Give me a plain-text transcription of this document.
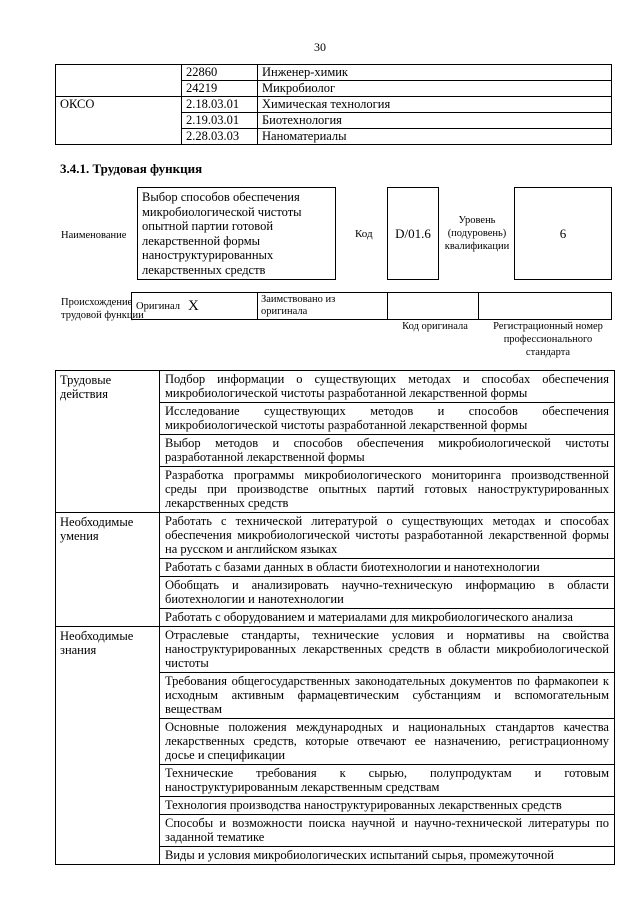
30
	22860	Инженер-химик
	24219	Микробиолог
ОКСО	2.18.03.01	Химическая технология
	2.19.03.01	Биотехнология
	2.28.03.03	Наноматериалы
3.4.1. Трудовая функция
Наименование
Выбор способов обеспечения микробиологической чистоты опытной партии готовой лекарственной формы наноструктурированных лекарственных средств
Код	D/01.6
Уровень (подуровень) квалификации
6
Происхождение трудовой функции
Оригинал X	Заимствовано из оригинала
Код оригинала	Регистрационный номер профессионального стандарта
Трудовые действия	Подбор информации о существующих методах и способах обеспечения микробиологической чистоты разработанной лекарственной формы
	Исследование существующих методов и способов обеспечения микробиологической чистоты разработанной лекарственной формы
	Выбор методов и способов обеспечения микробиологической чистоты разработанной лекарственной формы
	Разработка программы микробиологического мониторинга производственной среды при производстве опытных партий готовых наноструктурированных лекарственных средств
Необходимые умения	Работать с технической литературой о существующих методах и способах обеспечения микробиологической чистоты разработанной лекарственной формы на русском и английском языках
	Работать с базами данных в области биотехнологии и нанотехнологии
	Обобщать и анализировать научно-техническую информацию в области биотехнологии и нанотехнологии
	Работать с оборудованием и материалами для микробиологического анализа
Необходимые знания	Отраслевые стандарты, технические условия и нормативы на свойства наноструктурированных лекарственных средств в области микробиологической чистоты
	Требования общегосударственных законодательных документов по фармакопеи к исходным активным фармацевтическим субстанциям и вспомогательным веществам
	Основные положения международных и национальных стандартов качества лекарственных средств, которые отвечают ее назначению, регистрационному досье и спецификации
	Технические требования к сырью, полупродуктам и готовым наноструктурированным лекарственным средствам
	Технология производства наноструктурированных лекарственных средств
	Способы и возможности поиска научной и научно-технической литературы по заданной тематике
	Виды и условия микробиологических испытаний сырья, промежуточной
